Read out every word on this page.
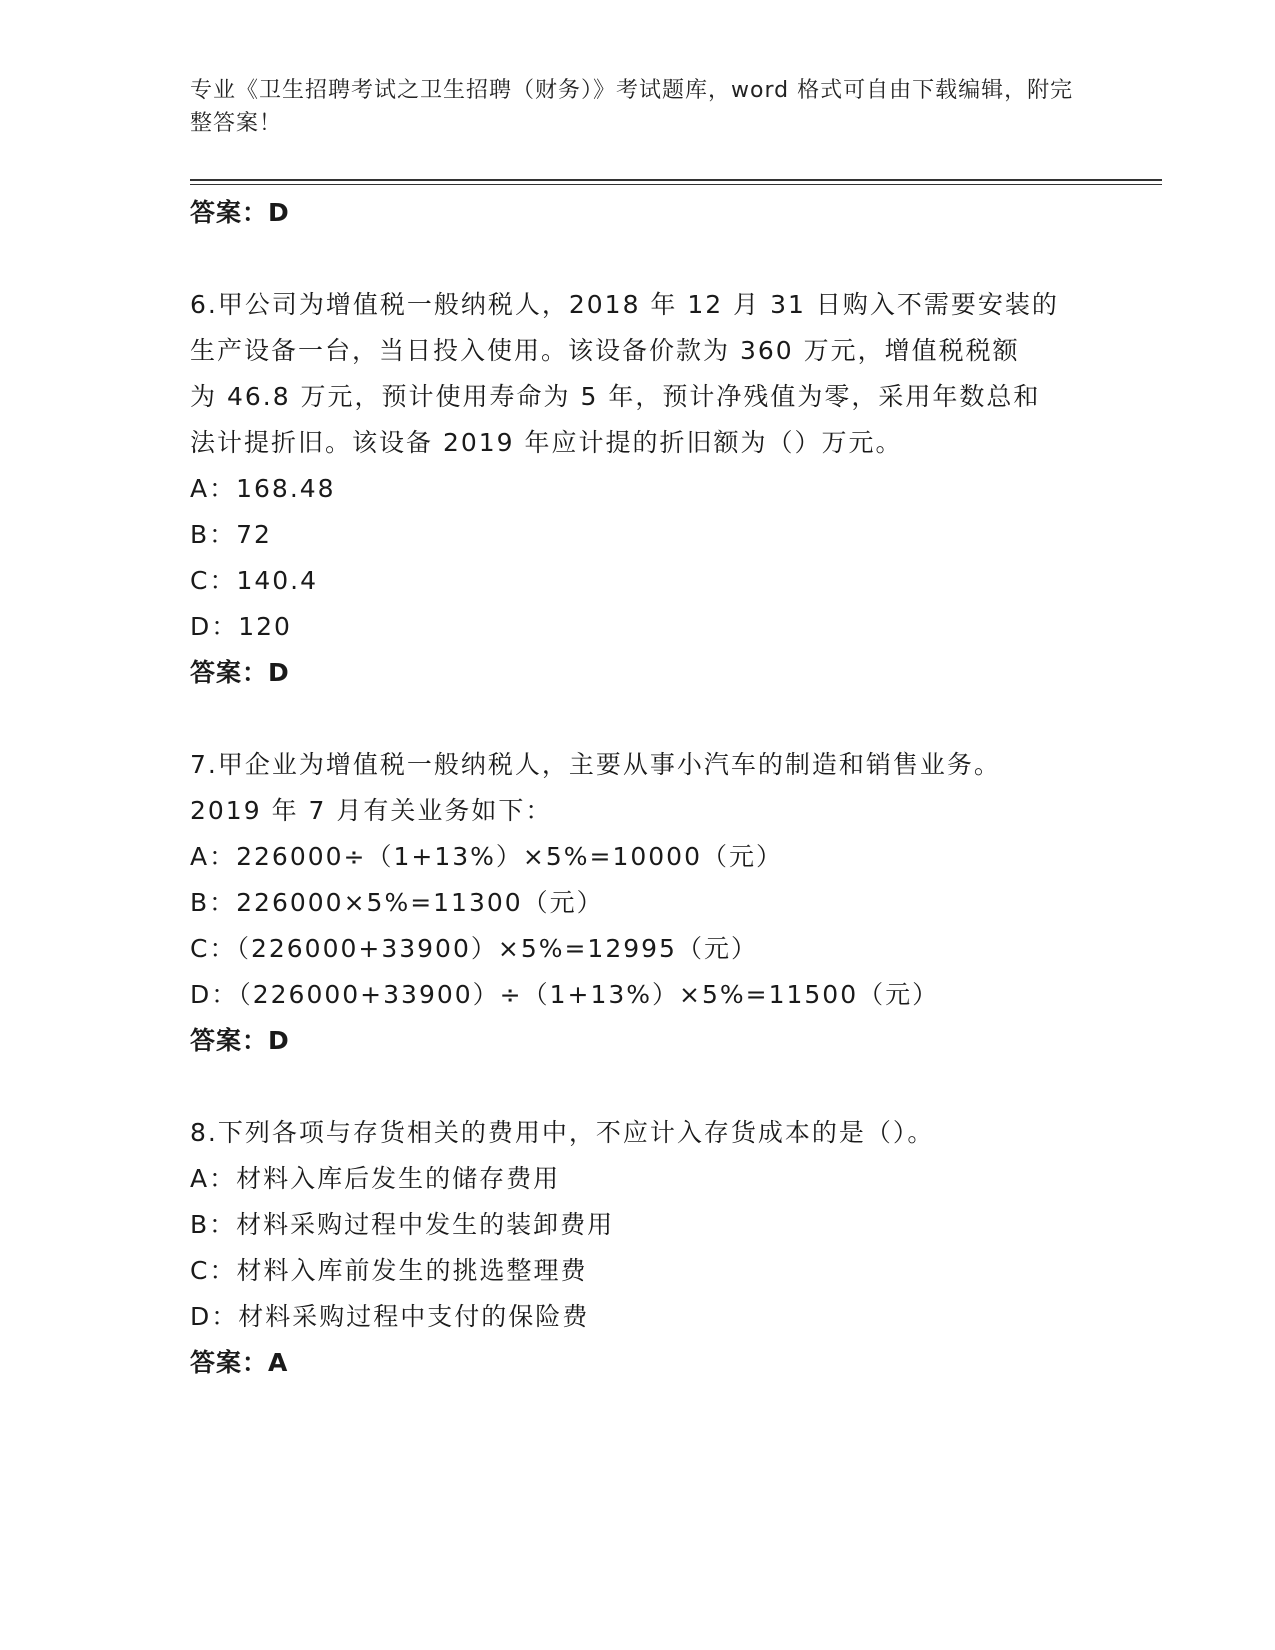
专业《卫生招聘考试之卫生招聘（财务）》考试题库，word 格式可自由下载编辑，附完整答案！
答案：D
6.甲公司为增值税一般纳税人，2018 年 12 月 31 日购入不需要安装的
生产设备一台，当日投入使用。该设备价款为 360 万元，增值税税额
为 46.8 万元，预计使用寿命为 5 年，预计净残值为零，采用年数总和
法计提折旧。该设备 2019 年应计提的折旧额为（）万元。
A：168.48
B：72
C：140.4
D：120
答案：D
7.甲企业为增值税一般纳税人，主要从事小汽车的制造和销售业务。
2019 年 7 月有关业务如下：
A：226000÷（1+13%）×5%=10000（元）
B：226000×5%=11300（元）
C：（226000+33900）×5%=12995（元）
D：（226000+33900）÷（1+13%）×5%=11500（元）
答案：D
8.下列各项与存货相关的费用中，不应计入存货成本的是（）。
A：材料入库后发生的储存费用
B：材料采购过程中发生的装卸费用
C：材料入库前发生的挑选整理费
D：材料采购过程中支付的保险费
答案：A
